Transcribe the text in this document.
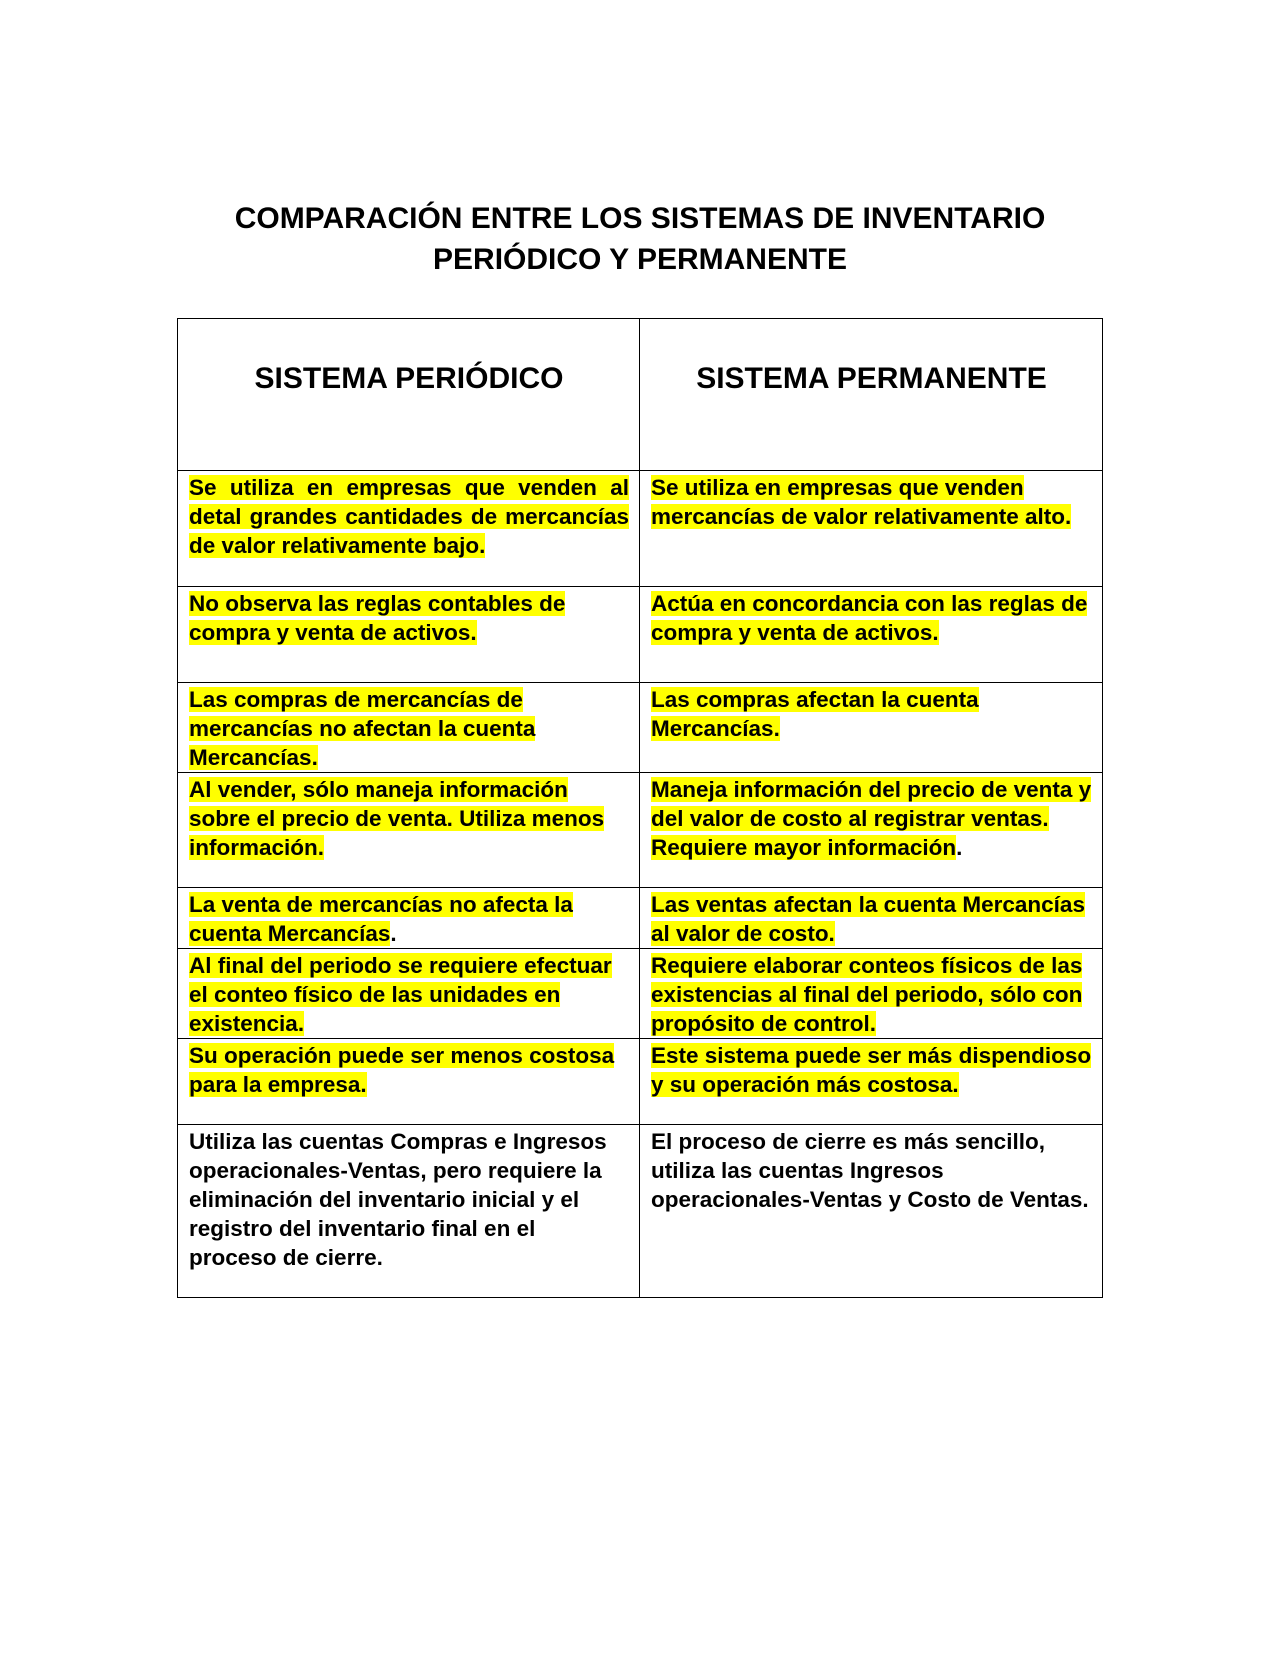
COMPARACIÓN ENTRE LOS SISTEMAS DE INVENTARIO
PERIÓDICO Y PERMANENTE
SISTEMA PERIÓDICO	SISTEMA PERMANENTE
Se utiliza en empresas que venden al detal grandes cantidades de mercancías de valor relativamente bajo.	Se utiliza en empresas que venden mercancías de valor relativamente alto.
No observa las reglas contables de compra y venta de activos.	Actúa en concordancia con las reglas de compra y venta de activos.
Las compras de mercancías de mercancías no afectan la cuenta Mercancías.	Las compras afectan la cuenta Mercancías.
Al vender, sólo maneja información sobre el precio de venta. Utiliza menos información.	Maneja información del precio de venta y del valor de costo al registrar ventas. Requiere mayor información.
La venta de mercancías no afecta la cuenta Mercancías.	Las ventas afectan la cuenta Mercancías al valor de costo.
Al final del periodo se requiere efectuar el conteo físico de las unidades en existencia.	Requiere elaborar conteos físicos de las existencias al final del periodo, sólo con propósito de control.
Su operación puede ser menos costosa para la empresa.	Este sistema puede ser más dispendioso y su operación más costosa.
Utiliza las cuentas Compras e Ingresos operacionales-Ventas, pero requiere la eliminación del inventario inicial y el registro del inventario final en el proceso de cierre.	El proceso de cierre es más sencillo, utiliza las cuentas Ingresos operacionales-Ventas y Costo de Ventas.
